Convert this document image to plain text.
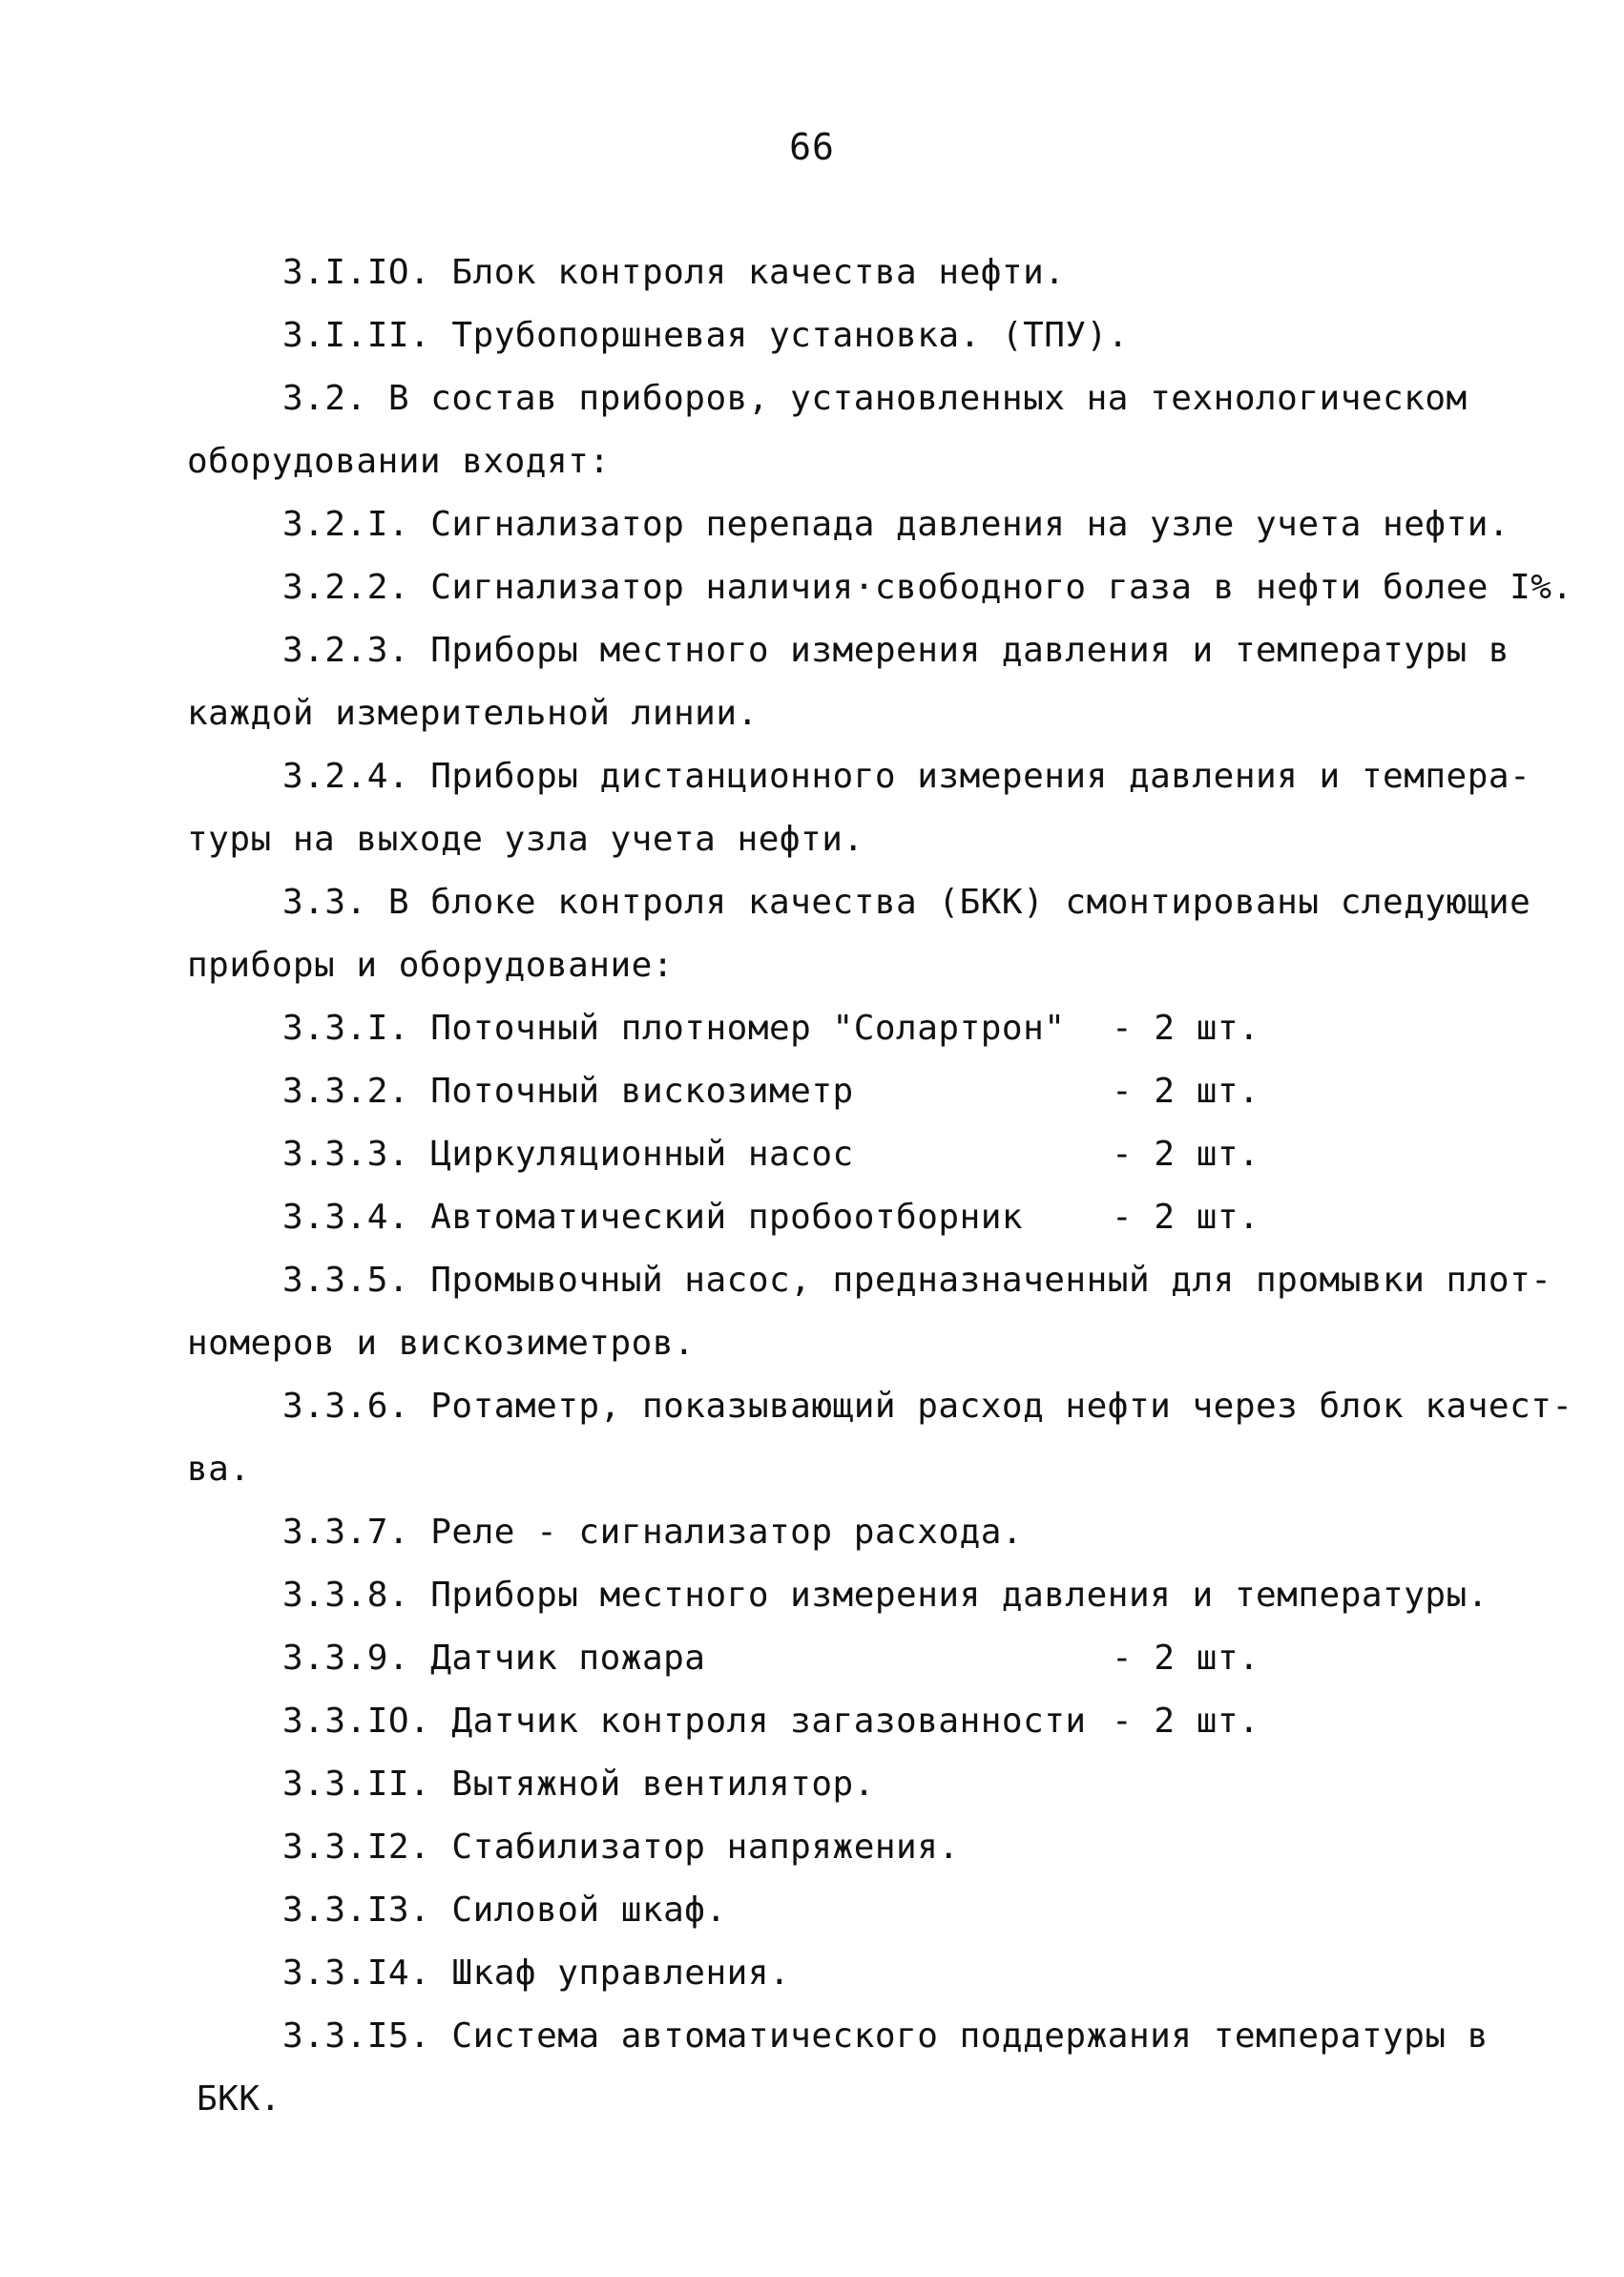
66
3.I.IO. Блок контроля качества нефти.
3.I.II. Трубопоршневая установка. (ТПУ).
3.2. В состав приборов, установленных на технологическом
оборудовании входят:
3.2.I. Сигнализатор перепада давления на узле учета нефти.
3.2.2. Сигнализатор наличия·свободного газа в нефти более I%.
3.2.3. Приборы местного измерения давления и температуры в
каждой измерительной линии.
3.2.4. Приборы дистанционного измерения давления и темпера-
туры на выходе узла учета нефти.
3.3. В блоке контроля качества (БКК) смонтированы следующие
приборы и оборудование:
3.3.I. Поточный плотномер "Солартрон" - 2 шт.
3.3.2. Поточный вискозиметр	- 2 шт.
3.3.3. Циркуляционный насос	- 2 шт.
3.3.4. Автоматический пробоотборник	- 2 шт.
3.3.5. Промывочный насос, предназначенный для промывки плот-
номеров и вискозиметров.
3.3.6. Ротаметр, показывающий расход нефти через блок качест-
ва.
3.3.7. Реле - сигнализатор расхода.
3.3.8. Приборы местного измерения давления и температуры.
3.3.9. Датчик пожара	- 2 шт.
3.3.IO. Датчик контроля загазованности - 2 шт.
3.3.II. Вытяжной вентилятор.
3.3.I2. Стабилизатор напряжения.
3.3.I3. Силовой шкаф.
3.3.I4. Шкаф управления.
3.3.I5. Система автоматического поддержания температуры в
БКК.
